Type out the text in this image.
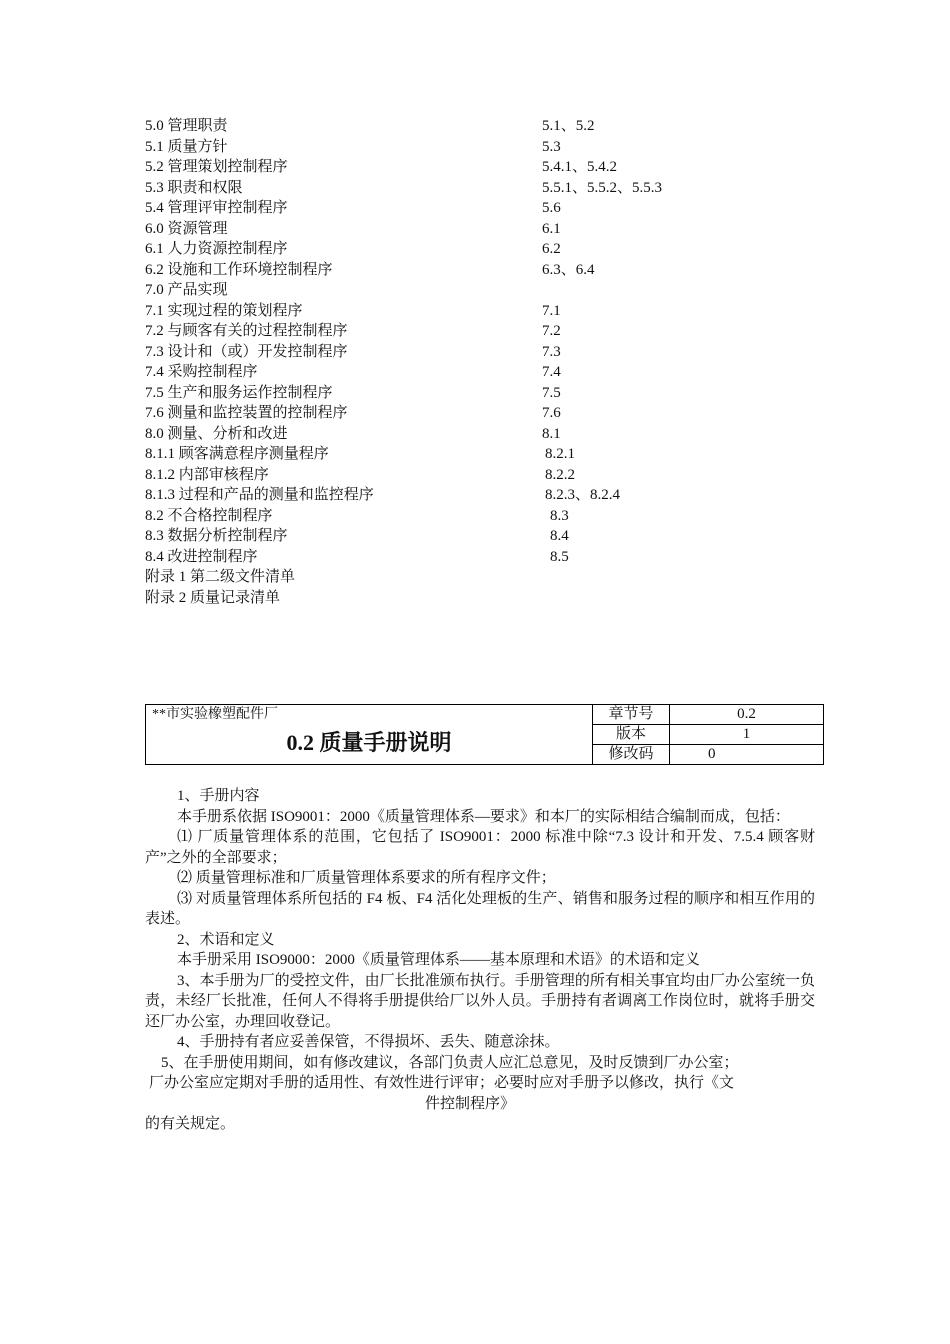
5.0 管理职责	5.1、5.2
5.1 质量方针	5.3
5.2 管理策划控制程序	5.4.1、5.4.2
5.3 职责和权限	5.5.1、5.5.2、5.5.3
5.4 管理评审控制程序	5.6
6.0 资源管理	6.1
6.1 人力资源控制程序	6.2
6.2 设施和工作环境控制程序	6.3、6.4
7.0 产品实现
7.1 实现过程的策划程序	7.1
7.2 与顾客有关的过程控制程序	7.2
7.3 设计和（或）开发控制程序	7.3
7.4 采购控制程序	7.4
7.5 生产和服务运作控制程序	7.5
7.6 测量和监控装置的控制程序	7.6
8.0 测量、分析和改进	8.1
8.1.1 顾客满意程序测量程序	8.2.1
8.1.2 内部审核程序	8.2.2
8.1.3 过程和产品的测量和监控程序	8.2.3、8.2.4
8.2 不合格控制程序	8.3
8.3 数据分析控制程序	8.4
8.4 改进控制程序	8.5
附录 1 第二级文件清单
附录 2 质量记录清单
**市实验橡塑配件厂
0.2 质量手册说明	章节号	0.2
	版本	1
	修改码	0

1、手册内容

本手册系依据 ISO9001：2000《质量管理体系—要求》和本厂的实际相结合编制而成，包括：

⑴ 厂质量管理体系的范围，它包括了 ISO9001：2000 标准中除“7.3 设计和开发、7.5.4 顾客财产”之外的全部要求；

⑵ 质量管理标准和厂质量管理体系要求的所有程序文件；

⑶ 对质量管理体系所包括的 F4 板、F4 活化处理板的生产、销售和服务过程的顺序和相互作用的表述。

2、术语和定义

本手册采用 ISO9000：2000《质量管理体系——基本原理和术语》的术语和定义

3、本手册为厂的受控文件，由厂长批准颁布执行。手册管理的所有相关事宜均由厂办公室统一负责，未经厂长批准，任何人不得将手册提供给厂以外人员。手册持有者调离工作岗位时，就将手册交还厂办公室，办理回收登记。

4、手册持有者应妥善保管，不得损坏、丢失、随意涂抹。

5、在手册使用期间，如有修改建议，各部门负责人应汇总意见，及时反馈到厂办公室；

厂办公室应定期对手册的适用性、有效性进行评审；必要时应对手册予以修改，执行《文

件控制程序》

的有关规定。
